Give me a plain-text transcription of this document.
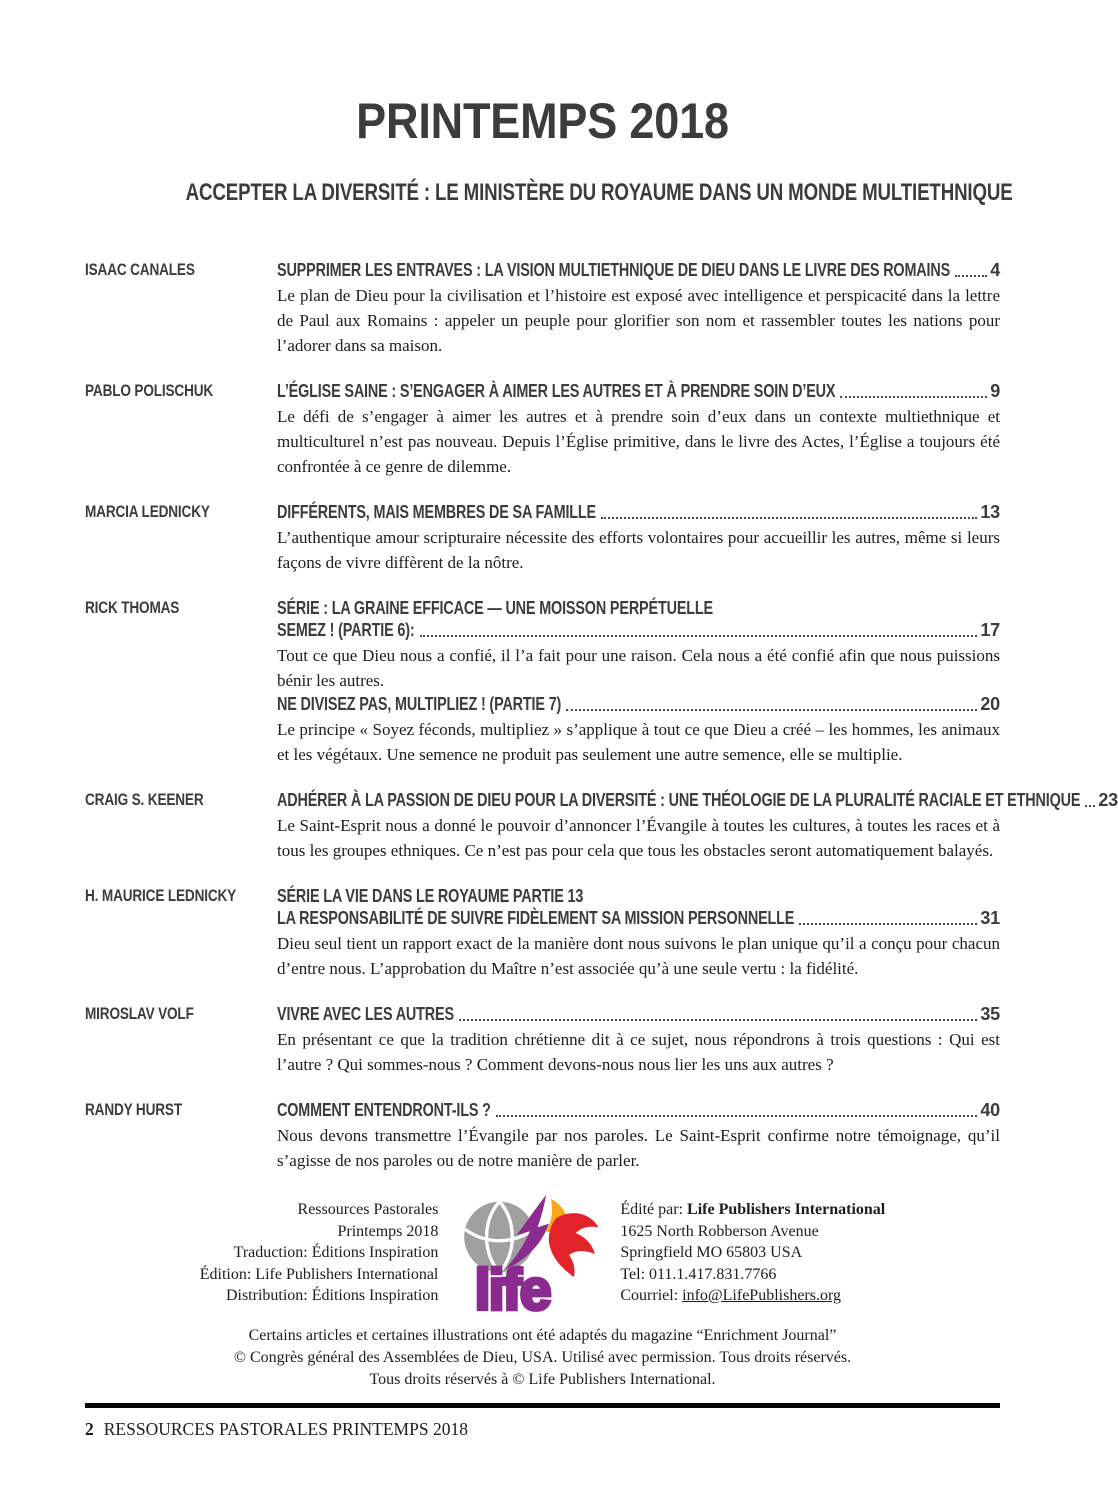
PRINTEMPS 2018
ACCEPTER LA DIVERSITÉ : LE MINISTÈRE DU ROYAUME DANS UN MONDE MULTIETHNIQUE
ISAAC CANALES	SUPPRIMER LES ENTRAVES : LA VISION MULTIETHNIQUE DE DIEU DANS LE LIVRE DES ROMAINS 4

Le plan de Dieu pour la civilisation et l’histoire est exposé avec intelligence et perspicacité dans la lettre de Paul aux Romains : appeler un peuple pour glorifier son nom et rassembler toutes les nations pour l’adorer dans sa maison.

PABLO POLISCHUK	L’ÉGLISE SAINE : S’ENGAGER À AIMER LES AUTRES ET À PRENDRE SOIN D’EUX	9

Le défi de s’engager à aimer les autres et à prendre soin d’eux dans un contexte multiethnique et multiculturel n’est pas nouveau. Depuis l’Église primitive, dans le livre des Actes, l’Église a toujours été confrontée à ce genre de dilemme.

MARCIA LEDNICKY	DIFFÉRENTS, MAIS MEMBRES DE SA FAMILLE	13

L’authentique amour scripturaire nécessite des efforts volontaires pour accueillir les autres, même si leurs façons de vivre diffèrent de la nôtre.

RICK THOMAS	SÉRIE : LA GRAINE EFFICACE — UNE MOISSON PERPÉTUELLE
SEMEZ ! (PARTIE 6):	17

Tout ce que Dieu nous a confié, il l’a fait pour une raison. Cela nous a été confié afin que nous puissions bénir les autres.

NE DIVISEZ PAS, MULTIPLIEZ ! (PARTIE 7)	20

Le principe « Soyez féconds, multipliez » s’applique à tout ce que Dieu a créé – les hommes, les animaux et les végétaux. Une semence ne produit pas seulement une autre semence, elle se multiplie.

CRAIG S. KEENER	ADHÉRER À LA PASSION DE DIEU POUR LA DIVERSITÉ : UNE THÉOLOGIE DE LA PLURALITÉ RACIALE ET ETHNIQUE 23

Le Saint-Esprit nous a donné le pouvoir d’annoncer l’Évangile à toutes les cultures, à toutes les races et à tous les groupes ethniques. Ce n’est pas pour cela que tous les obstacles seront automatiquement balayés.

H. MAURICE LEDNICKY	SÉRIE LA VIE DANS LE ROYAUME PARTIE 13
LA RESPONSABILITÉ DE SUIVRE FIDÈLEMENT SA MISSION PERSONNELLE	31

Dieu seul tient un rapport exact de la manière dont nous suivons le plan unique qu’il a conçu pour chacun d’entre nous. L’approbation du Maître n’est associée qu’à une seule vertu : la fidélité.

MIROSLAV VOLF	VIVRE AVEC LES AUTRES	35

En présentant ce que la tradition chrétienne dit à ce sujet, nous répondrons à trois questions : Qui est l’autre ? Qui sommes-nous ? Comment devons-nous nous lier les uns aux autres ?

RANDY HURST	COMMENT ENTENDRONT-ILS ?	40

Nous devons transmettre l’Évangile par nos paroles. Le Saint-Esprit confirme notre témoignage, qu’il s’agisse de nos paroles ou de notre manière de parler.

Ressources Pastorales
Printemps 2018
Traduction: Éditions Inspiration
Édition: Life Publishers International
Distribution: Éditions Inspiration life
Édité par: Life Publishers International
1625 North Robberson Avenue
Springfield MO 65803 USA
Tel: 011.1.417.831.7766
Courriel: info@LifePublishers.org
Certains articles et certaines illustrations ont été adaptés du magazine “Enrichment Journal”
© Congrès général des Assemblées de Dieu, USA. Utilisé avec permission. Tous droits réservés.
Tous droits réservés à © Life Publishers International.
2 RESSOURCES PASTORALES PRINTEMPS 2018
